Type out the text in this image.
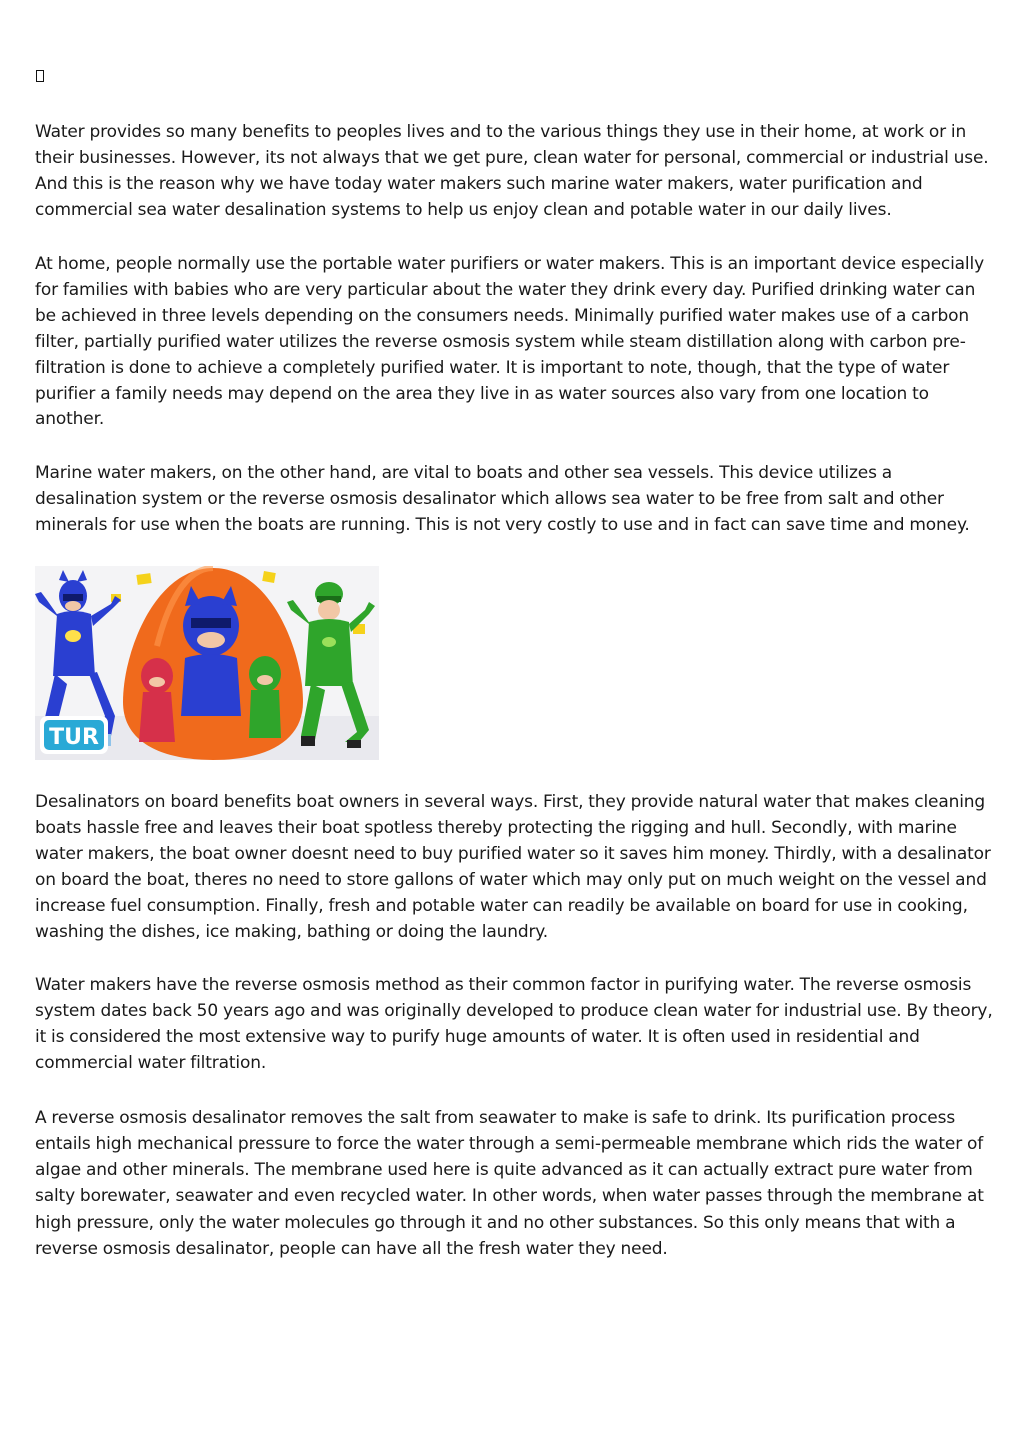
Water provides so many benefits to peoples lives and to the various things they use in their home, at work or in their businesses. However, its not always that we get pure, clean water for personal, commercial or industrial use. And this is the reason why we have today water makers such marine water makers, water purification and commercial sea water desalination systems to help us enjoy clean and potable water in our daily lives.

At home, people normally use the portable water purifiers or water makers. This is an important device especially for families with babies who are very particular about the water they drink every day. Purified drinking water can be achieved in three levels depending on the consumers needs. Minimally purified water makes use of a carbon filter, partially purified water utilizes the reverse osmosis system while steam distillation along with carbon pre-filtration is done to achieve a completely purified water. It is important to note, though, that the type of water purifier a family needs may depend on the area they live in as water sources also vary from one location to another.

Marine water makers, on the other hand, are vital to boats and other sea vessels. This device utilizes a desalination system or the reverse osmosis desalinator which allows sea water to be free from salt and other minerals for use when the boats are running. This is not very costly to use and in fact can save time and money.

Desalinators on board benefits boat owners in several ways. First, they provide natural water that makes cleaning boats hassle free and leaves their boat spotless thereby protecting the rigging and hull. Secondly, with marine water makers, the boat owner doesnt need to buy purified water so it saves him money. Thirdly, with a desalinator on board the boat, theres no need to store gallons of water which may only put on much weight on the vessel and increase fuel consumption. Finally, fresh and potable water can readily be available on board for use in cooking, washing the dishes, ice making, bathing or doing the laundry.

Water makers have the reverse osmosis method as their common factor in purifying water. The reverse osmosis system dates back 50 years ago and was originally developed to produce clean water for industrial use. By theory, it is considered the most extensive way to purify huge amounts of water. It is often used in residential and commercial water filtration.

A reverse osmosis desalinator removes the salt from seawater to make is safe to drink. Its purification process entails high mechanical pressure to force the water through a semi-permeable membrane which rids the water of algae and other minerals. The membrane used here is quite advanced as it can actually extract pure water from salty borewater, seawater and even recycled water. In other words, when water passes through the membrane at high pressure, only the water molecules go through it and no other substances. So this only means that with a reverse osmosis desalinator, people can have all the fresh water they need.

TUR
